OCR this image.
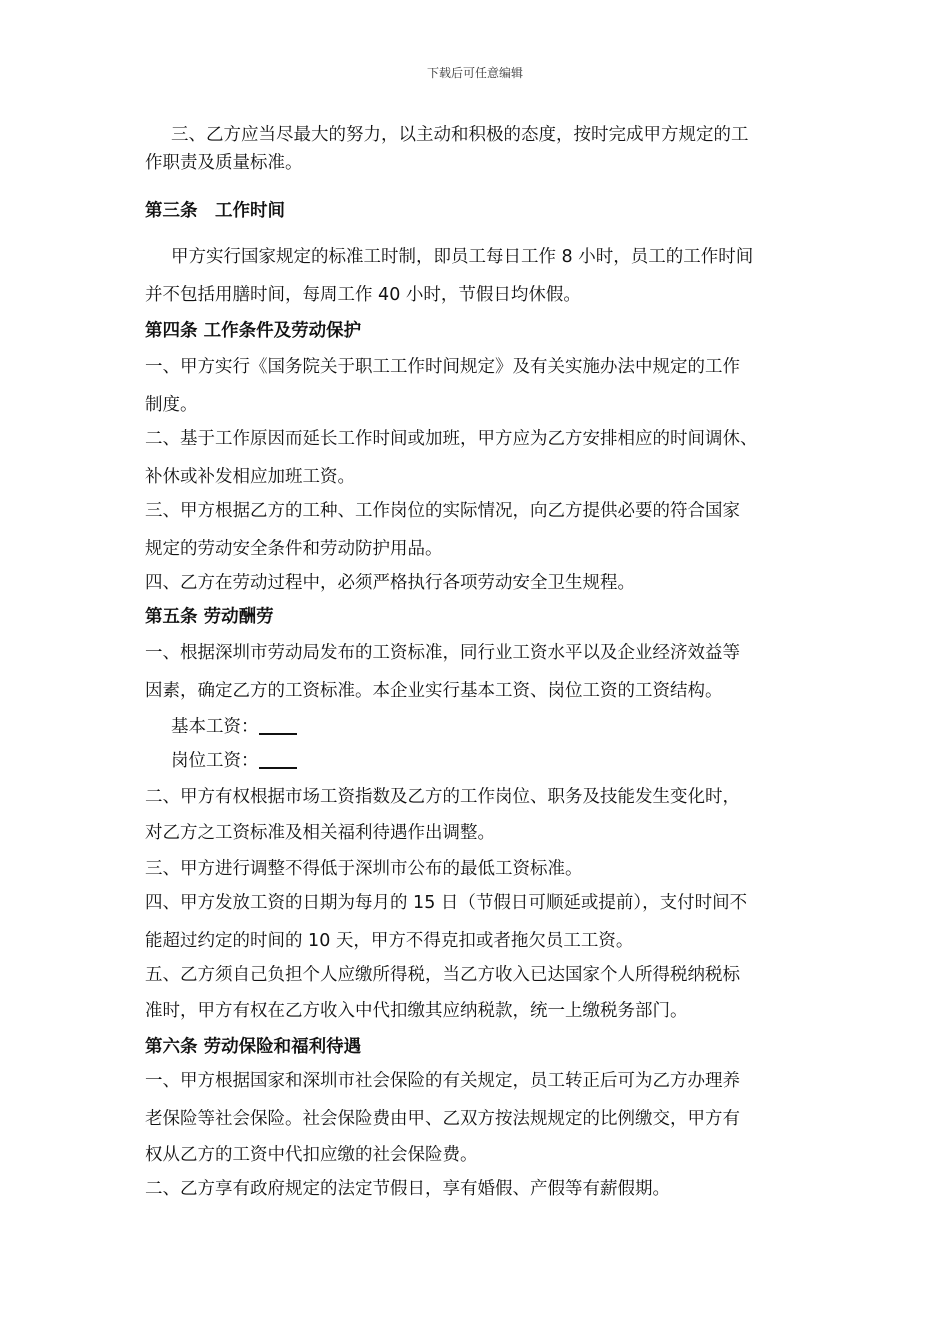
下载后可任意编辑

三、乙方应当尽最大的努力，以主动和积极的态度，按时完成甲方规定的工

作职责及质量标准。

第三条　工作时间

甲方实行国家规定的标准工时制，即员工每日工作 8 小时，员工的工作时间

并不包括用膳时间，每周工作 40 小时，节假日均休假。

第四条 工作条件及劳动保护

一、甲方实行《国务院关于职工工作时间规定》及有关实施办法中规定的工作

制度。

二、基于工作原因而延长工作时间或加班，甲方应为乙方安排相应的时间调休、

补休或补发相应加班工资。

三、甲方根据乙方的工种、工作岗位的实际情况，向乙方提供必要的符合国家

规定的劳动安全条件和劳动防护用品。

四、乙方在劳动过程中，必须严格执行各项劳动安全卫生规程。

第五条 劳动酬劳

一、根据深圳市劳动局发布的工资标准，同行业工资水平以及企业经济效益等

因素，确定乙方的工资标准。本企业实行基本工资、岗位工资的工资结构。

基本工资：

岗位工资：

二、甲方有权根据市场工资指数及乙方的工作岗位、职务及技能发生变化时，

对乙方之工资标准及相关福利待遇作出调整。

三、甲方进行调整不得低于深圳市公布的最低工资标准。

四、甲方发放工资的日期为每月的 15 日（节假日可顺延或提前），支付时间不

能超过约定的时间的 10 天，甲方不得克扣或者拖欠员工工资。

五、乙方须自己负担个人应缴所得税，当乙方收入已达国家个人所得税纳税标

准时，甲方有权在乙方收入中代扣缴其应纳税款，统一上缴税务部门。

第六条 劳动保险和福利待遇

一、甲方根据国家和深圳市社会保险的有关规定，员工转正后可为乙方办理养

老保险等社会保险。社会保险费由甲、乙双方按法规规定的比例缴交，甲方有

权从乙方的工资中代扣应缴的社会保险费。

二、乙方享有政府规定的法定节假日，享有婚假、产假等有薪假期。
